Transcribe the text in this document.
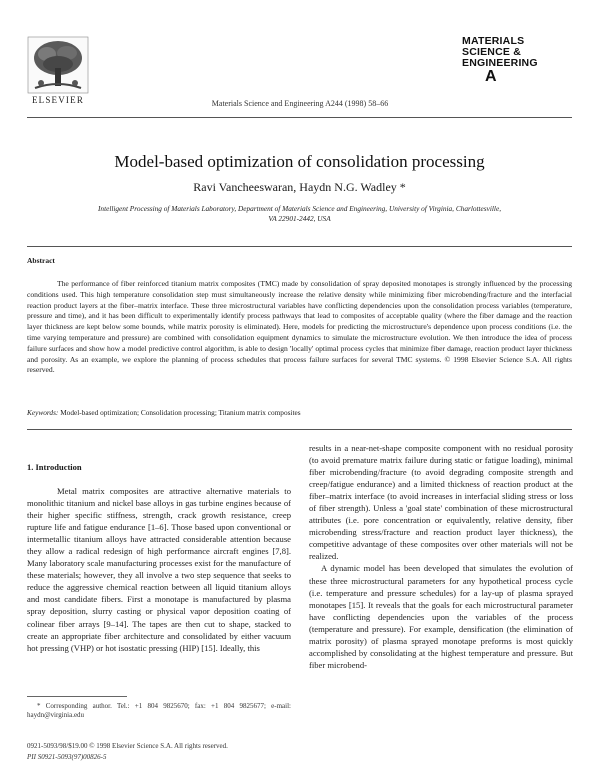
ELSEVIER	Materials Science and Engineering A244 (1998) 58–66
MATERIALS
SCIENCE &
ENGINEERING
A
Model-based optimization of consolidation processing
Ravi Vancheeswaran, Haydn N.G. Wadley *
Intelligent Processing of Materials Laboratory, Department of Materials Science and Engineering, University of Virginia, Charlottesville,
VA 22901-2442, USA
Abstract
The performance of fiber reinforced titanium matrix composites (TMC) made by consolidation of spray deposited monotapes is strongly influenced by the processing conditions used. This high temperature consolidation step must simultaneously increase the relative density while minimizing fiber microbending/fracture and the interfacial reaction product layers at the fiber–matrix interface. These three microstructural variables have conflicting dependencies upon the consolidation process variables (temperature, pressure and time), and it has been difficult to experimentally identify process pathways that lead to composites of acceptable quality (where the fiber damage and the reaction layer thickness are kept below some bounds, while matrix porosity is eliminated). Here, models for predicting the microstructure's dependence upon process conditions (i.e. the time varying temperature and pressure) are combined with consolidation equipment dynamics to simulate the microstructure evolution. We then introduce the idea of process failure surfaces and show how a model predictive control algorithm, is able to design 'locally' optimal process cycles that minimize fiber damage, reaction product layer thickness and porosity. As an example, we explore the planning of process schedules that process failure surfaces for several TMC systems. © 1998 Elsevier Science S.A. All rights reserved.
Keywords: Model-based optimization; Consolidation processing; Titanium matrix composites
1. Introduction
Metal matrix composites are attractive alternative materials to monolithic titanium and nickel base alloys in gas turbine engines because of their higher specific stiffness, strength, crack growth resistance, creep rupture life and fatigue endurance [1–6]. Those based upon conventional or intermetallic titanium alloys have attracted considerable attention because they allow a radical redesign of high performance aircraft engines [7,8]. Many laboratory scale manufacturing processes exist for the manufacture of these materials; however, they all involve a two step sequence that seeks to reduce the aggressive chemical reaction between all liquid titanium alloys and most candidate fibers. First a monotape is manufactured by plasma spray deposition, slurry casting or physical vapor deposition coating of colinear fiber arrays [9–14]. The tapes are then cut to shape, stacked to create an appropriate fiber architecture and consolidated by either vacuum hot pressing (VHP) or hot isostatic pressing (HIP) [15]. Ideally, this

results in a near-net-shape composite component with no residual porosity (to avoid premature matrix failure during static or fatigue loading), minimal fiber microbending/fracture (to avoid degrading composite strength and creep/fatigue endurance) and a limited thickness of reaction product at the fiber–matrix interface (to avoid increases in interfacial sliding stress or loss of fiber strength). Unless a 'goal state' combination of these microstructural attributes (i.e. pore concentration or equivalently, relative density, fiber microbending stress/fracture and reaction product layer thickness), the competitive advantage of these composites over other materials will not be realized.

A dynamic model has been developed that simulates the evolution of these three microstructural parameters for any hypothetical process cycle (i.e. temperature and pressure schedules) for a lay-up of plasma sprayed monotapes [15]. It reveals that the goals for each microstructural parameter have conflicting dependencies upon the variables of the process (temperature and pressure). For example, densification (the elimination of matrix porosity) of plasma sprayed monotape preforms is most quickly accomplished by consolidating at the highest temperature and pressure. But fiber microbend-

* Corresponding author. Tel.: +1 804 9825670; fax: +1 804 9825677; e-mail: haydn@virginia.edu
0921-5093/98/$19.00 © 1998 Elsevier Science S.A. All rights reserved.
PII S0921-5093(97)00826-5
